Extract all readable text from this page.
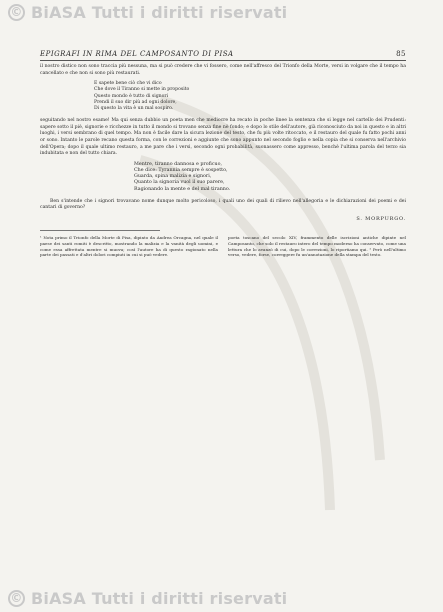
© BiASA Tutti i diritti riservati
EPIGRAFI IN RIMA DEL CAMPOSANTO DI PISA	85

il nostro distico non sono traccia più nessuna, ma si può credere che vi fossero, come nell'affresco del Trionfo della Morte, versi in volgare che il tempo ha cancellato e che non si sono più restaurati.

E sapete bene ciò che vi dico
Che dove il Tiranno si mette in proposito
Questo mondo è tutto di signori
Prendi il suo dir più ad ogni dolore,
Di questo la vita è un mal sospiro.

seguitando nel nostro esame! Ma qui senza dubbio un poeta men che mediocre ha recato in poche linee la sentenza che si legge nel cartello dei Prudenti: sapere sotto il piè, signorie e ricchezze in tutto il mondo si trovano senza fine nè fondo; e dopo lo stile dell'autore, già riconosciuto da noi in questo e in altri luoghi, i versi sembrano di quel tempo. Ma non è facile dare la sicura lezione del testo, che fu più volte ritoccato, e il restauro del quale fu fatto pochi anni or sono. Intanto le parole recano questa forma, con le correzioni e aggiunte che sono appunto nel secondo foglio e nella copia che si conserva nell'archivio dell'Opera; dopo il quale ultimo restauro, a me pare che i versi, secondo ogni probabilità, suonassero come appresso, benchè l'ultima parola del terzo sia indubitata e non del tutto chiara.

Mentre, tiranno dannosa e proficuo,
Che dice: Tyrannia sempre è sospetto,
Guarda, spina malizia e signori,
Quanto la signoria vuol il suo parere,
Ragionando la mente e del mal tiranno.

Ben s'intende che i signori trovavano nome dunque molto pericoloso, i quali uno dei quali di rilievo nell'allegoria e le dichiarazioni dei poemi e dei cantari di governo?

S. MORPURGO.
¹ Nota primo il Trionfo della Morte di Pisa, dipinto da Andrea Orcagna, nel quale il paese dei santi romiti è descritto, mostrando la malizia e la vanità degli uomini, e come essa affrettata mentre si muova; così l'autore ha di questo ragionato nella parte dei passati e d'altri dolori compiuti in cui si può vedere.
poeta toscano del secolo XIV, frammento delle iscrizioni antiche dipinte nel Camposanto, che solo il restauro intero del tempo moderno ha conservato, come una lettura che lo avanzò di cui, dopo le correzioni, lo riportiamo qui. ² Però nell'ultimo verso, vedere, forse, correggere fu un'annotazione della stampa del testo.
© BiASA Tutti i diritti riservati
